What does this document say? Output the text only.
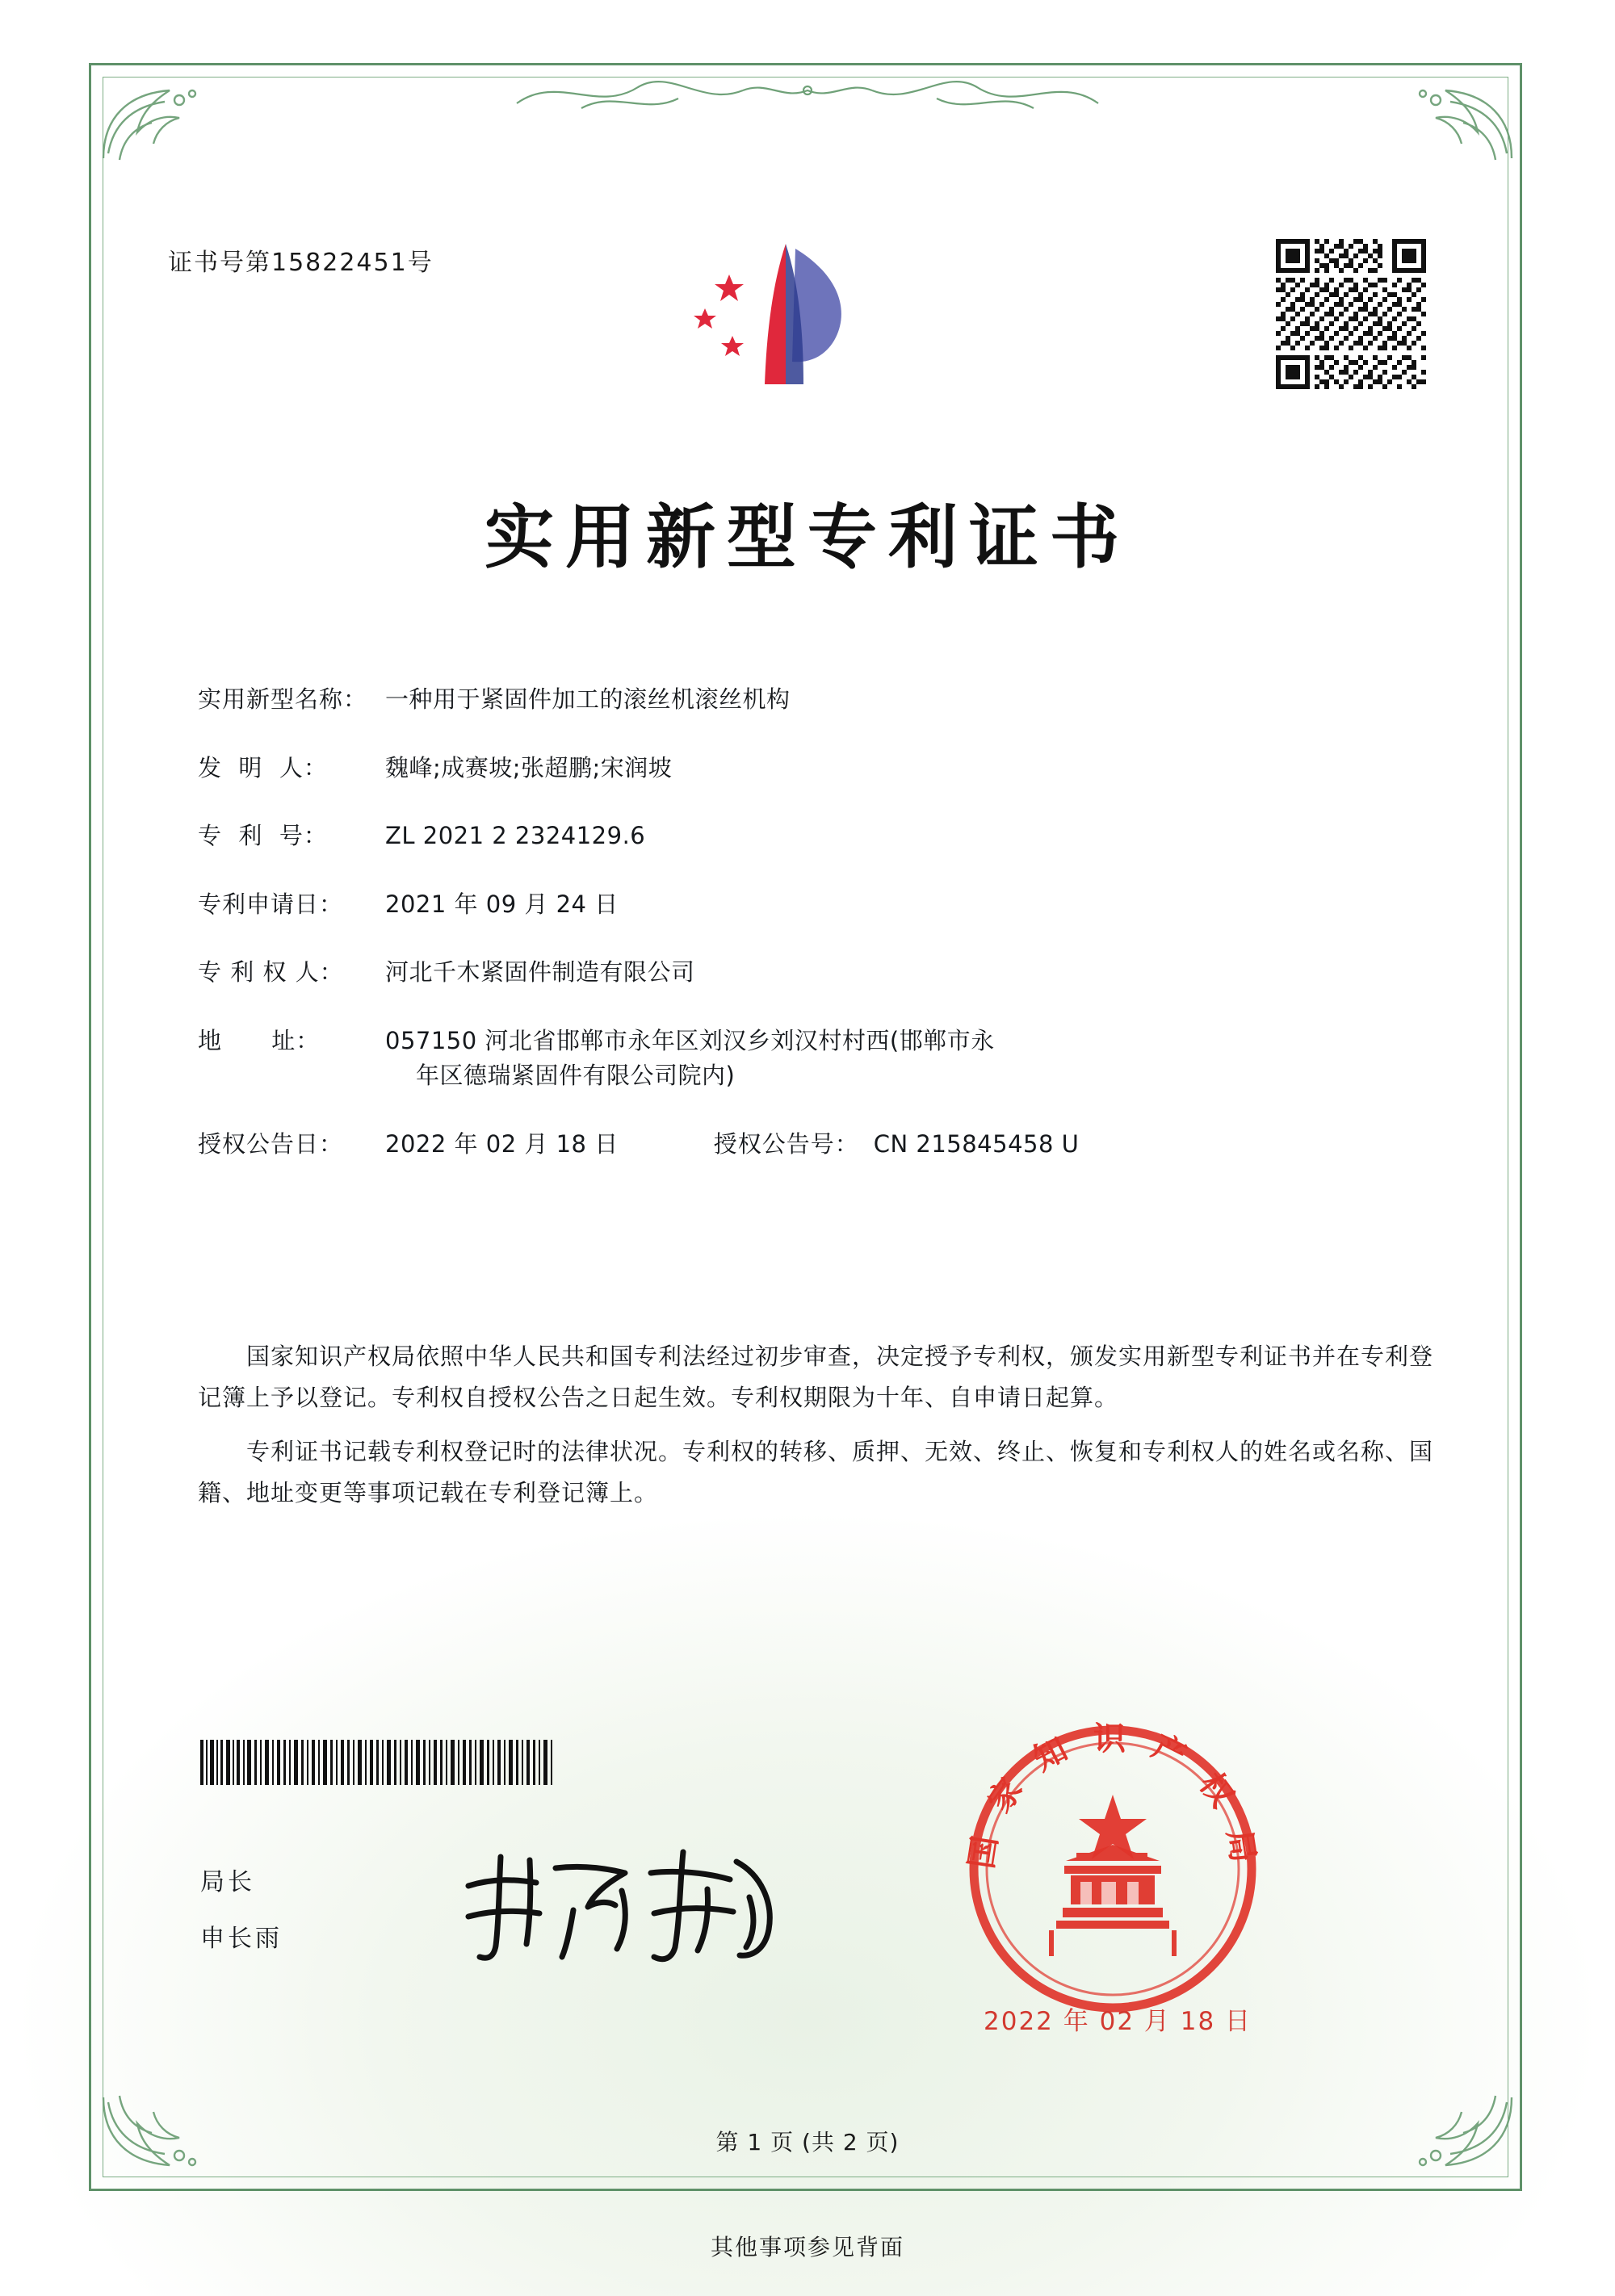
证书号第15822451号
实用新型专利证书
实用新型名称： 一种用于紧固件加工的滚丝机滚丝机构
发  明  人：	魏峰;成赛坡;张超鹏;宋润坡
专  利  号：	ZL 2021 2 2324129.6
专利申请日：	2021 年 09 月 24 日
专 利 权 人：	河北千木紧固件制造有限公司
地      址：	057150 河北省邯郸市永年区刘汉乡刘汉村村西(邯郸市永
年区德瑞紧固件有限公司院内)
授权公告日：	2022 年 02 月 18 日	授权公告号： CN 215845458 U

国家知识产权局依照中华人民共和国专利法经过初步审查，决定授予专利权，颁发实用新型专利证书并在专利登记簿上予以登记。专利权自授权公告之日起生效。专利权期限为十年、自申请日起算。

专利证书记载专利权登记时的法律状况。专利权的转移、质押、无效、终止、恢复和专利权人的姓名或名称、国籍、地址变更等事项记载在专利登记簿上。

局长
申长雨
国 家 知 识 产 权 局
2022 年 02 月 18 日
第 1 页 (共 2 页)
其他事项参见背面
